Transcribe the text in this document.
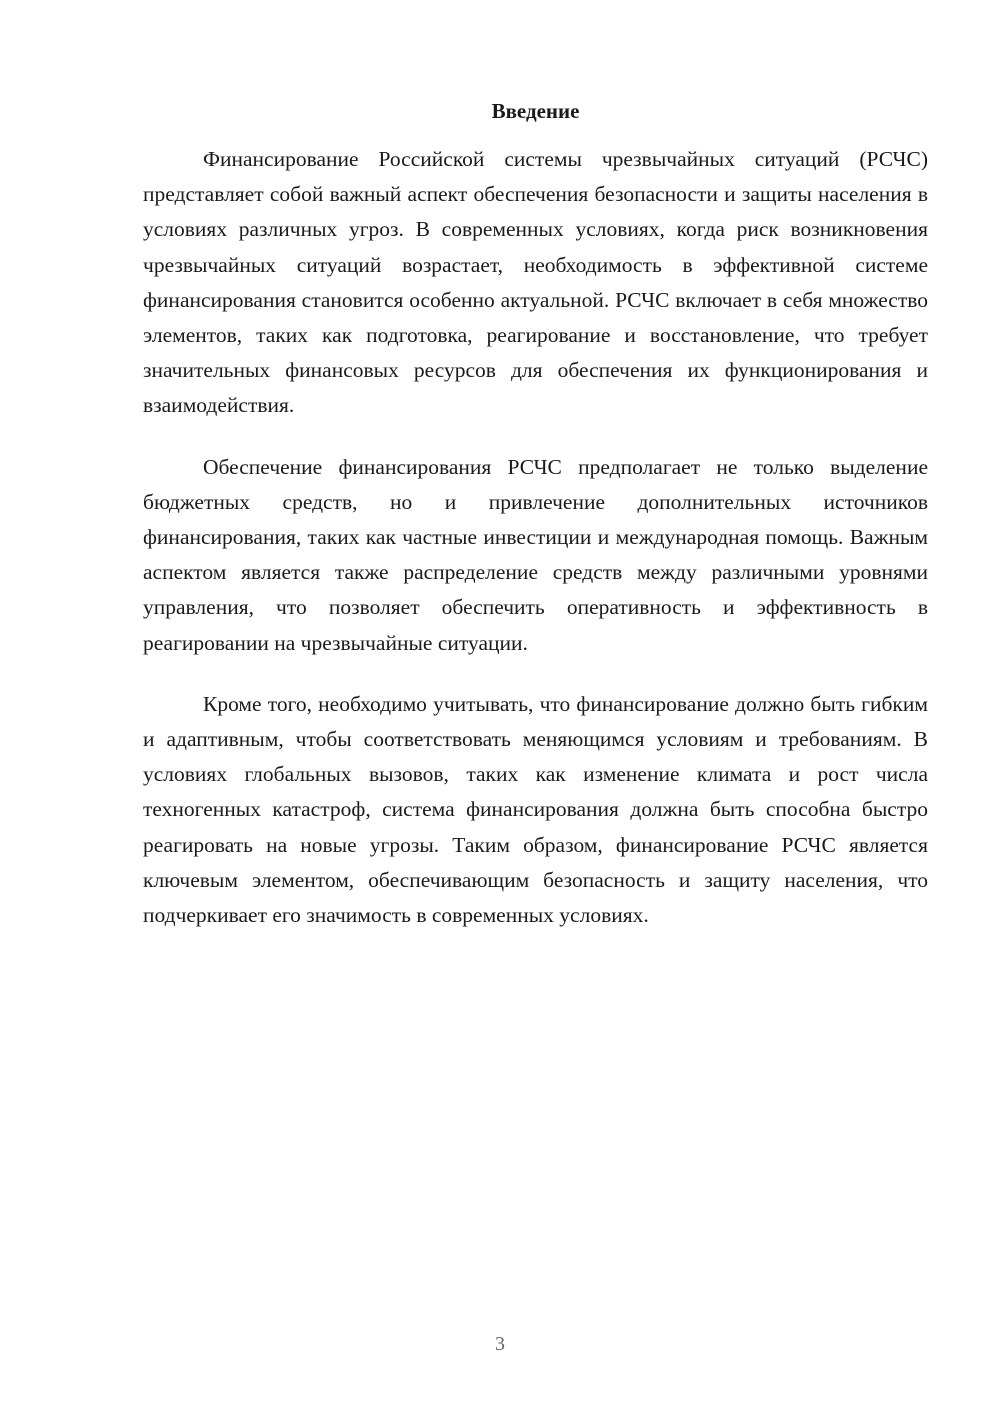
Введение

Финансирование Российской системы чрезвычайных ситуаций (РСЧС) представляет собой важный аспект обеспечения безопасности и защиты населения в условиях различных угроз. В современных условиях, когда риск возникновения чрезвычайных ситуаций возрастает, необходимость в эффективной системе финансирования становится особенно актуальной. РСЧС включает в себя множество элементов, таких как подготовка, реагирование и восстановление, что требует значительных финансовых ресурсов для обеспечения их функционирования и взаимодействия.

Обеспечение финансирования РСЧС предполагает не только выделение бюджетных средств, но и привлечение дополнительных источников финансирования, таких как частные инвестиции и международная помощь. Важным аспектом является также распределение средств между различными уровнями управления, что позволяет обеспечить оперативность и эффективность в реагировании на чрезвычайные ситуации.

Кроме того, необходимо учитывать, что финансирование должно быть гибким и адаптивным, чтобы соответствовать меняющимся условиям и требованиям. В условиях глобальных вызовов, таких как изменение климата и рост числа техногенных катастроф, система финансирования должна быть способна быстро реагировать на новые угрозы. Таким образом, финансирование РСЧС является ключевым элементом, обеспечивающим безопасность и защиту населения, что подчеркивает его значимость в современных условиях.

3
